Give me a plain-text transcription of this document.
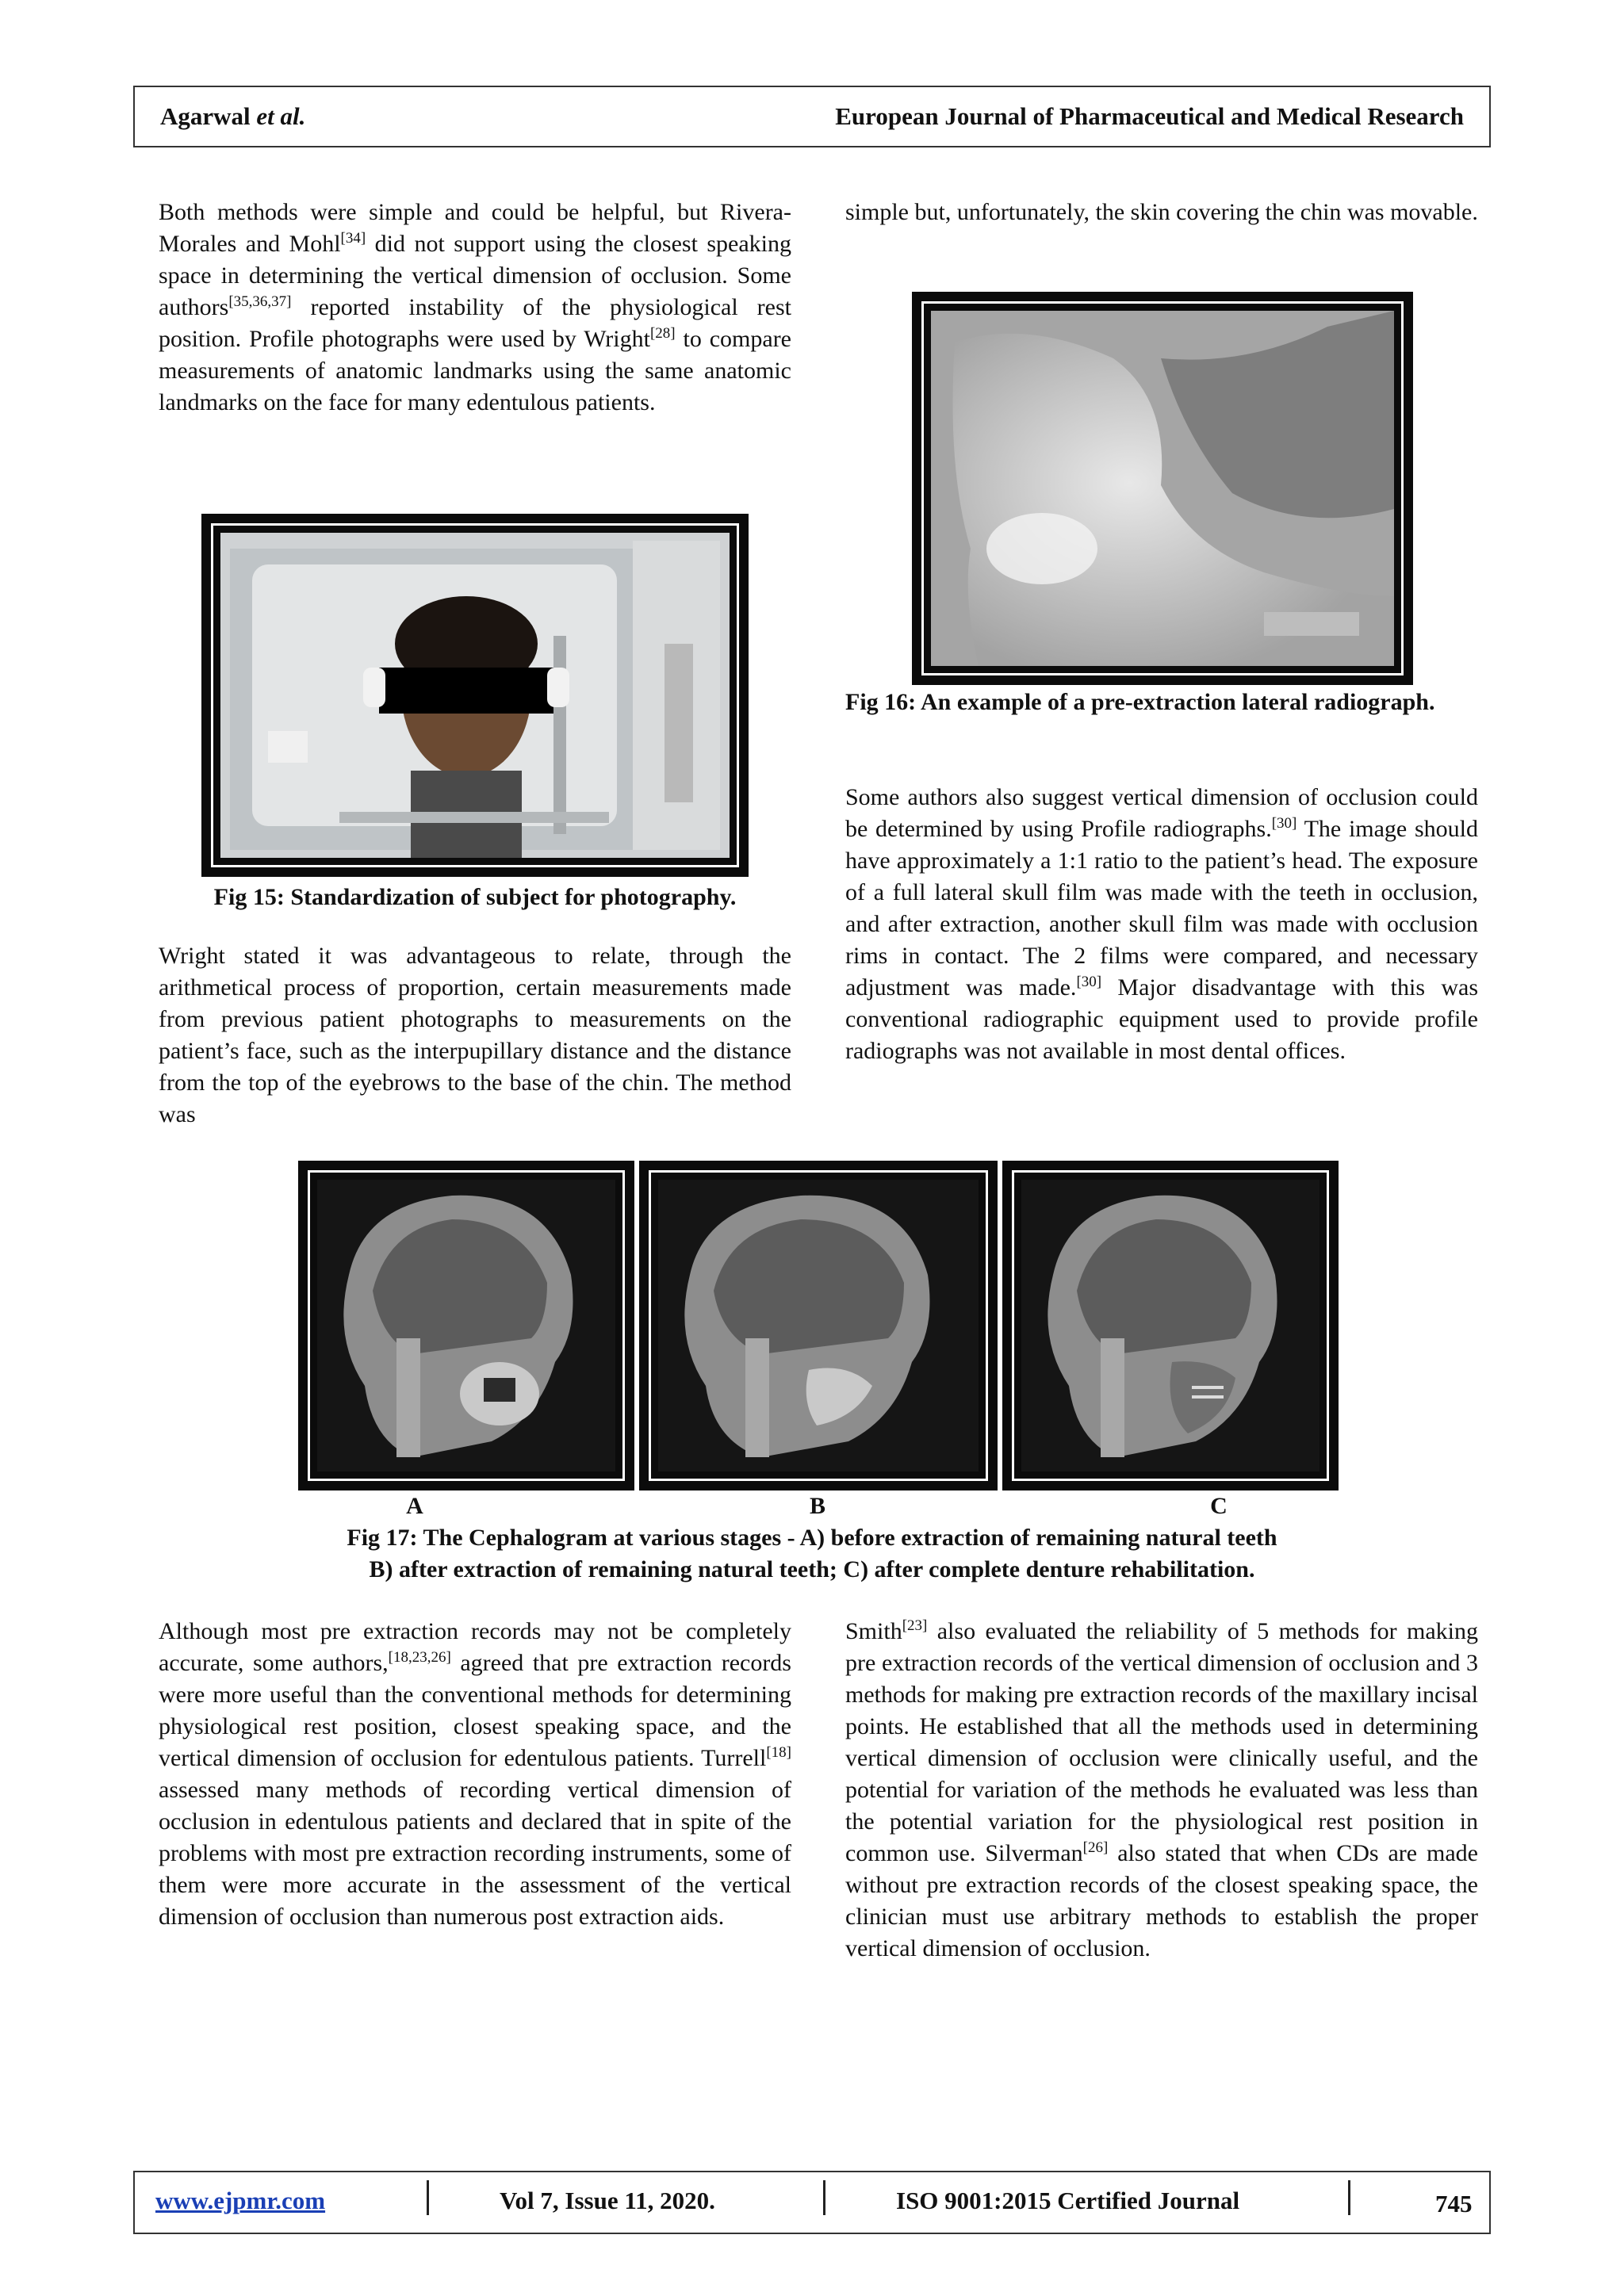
Agarwal et al.	European Journal of Pharmaceutical and Medical Research

Both methods were simple and could be helpful, but Rivera-Morales and Mohl[34] did not support using the closest speaking space in determining the vertical dimension of occlusion. Some authors[35,36,37] reported instability of the physiological rest position. Profile photographs were used by Wright[28] to compare measurements of anatomic landmarks using the same anatomic landmarks on the face for many edentulous patients.

Fig 15: Standardization of subject for photography.

Wright stated it was advantageous to relate, through the arithmetical process of proportion, certain measurements made from previous patient photographs to measurements on the patient’s face, such as the interpupillary distance and the distance from the top of the eyebrows to the base of the chin. The method was

simple but, unfortunately, the skin covering the chin was movable.

Fig 16: An example of a pre-extraction lateral radiograph.

Some authors also suggest vertical dimension of occlusion could be determined by using Profile radiographs.[30] The image should have approximately a 1:1 ratio to the patient’s head. The exposure of a full lateral skull film was made with the teeth in occlusion, and after extraction, another skull film was made with occlusion rims in contact. The 2 films were compared, and necessary adjustment was made.[30] Major disadvantage with this was conventional radiographic equipment used to provide profile radiographs was not available in most dental offices.

A	B	C
Fig 17: The Cephalogram at various stages - A) before extraction of remaining natural teeth
B) after extraction of remaining natural teeth; C) after complete denture rehabilitation.

Although most pre extraction records may not be completely accurate, some authors,[18,23,26] agreed that pre extraction records were more useful than the conventional methods for determining physiological rest position, closest speaking space, and the vertical dimension of occlusion for edentulous patients. Turrell[18] assessed many methods of recording vertical dimension of occlusion in edentulous patients and declared that in spite of the problems with most pre extraction recording instruments, some of them were more accurate in the assessment of the vertical dimension of occlusion than numerous post extraction aids.

Smith[23] also evaluated the reliability of 5 methods for making pre extraction records of the vertical dimension of occlusion and 3 methods for making pre extraction records of the maxillary incisal points. He established that all the methods used in determining vertical dimension of occlusion were clinically useful, and the potential for variation of the methods he evaluated was less than the potential variation for the physiological rest position in common use. Silverman[26] also stated that when CDs are made without pre extraction records of the closest speaking space, the clinician must use arbitrary methods to establish the proper vertical dimension of occlusion.

www.ejpmr.com	Vol 7, Issue 11, 2020.	ISO 9001:2015 Certified Journal	745
